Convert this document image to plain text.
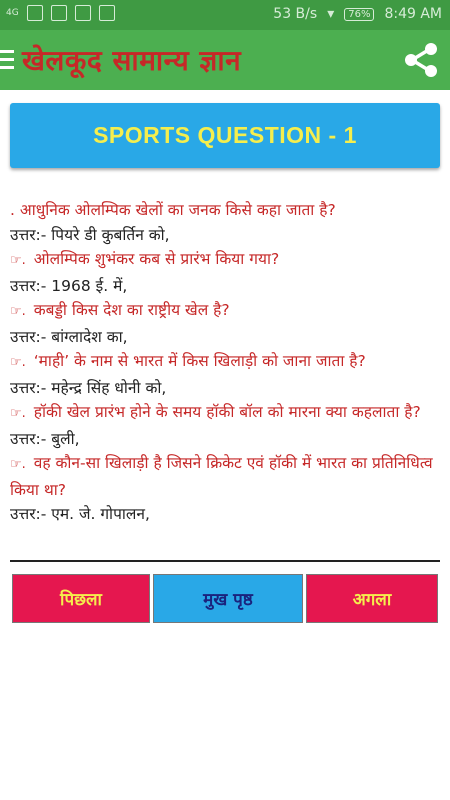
4G	53 B/s ▾	76% 8:49 AM
खेलकूद सामान्य ज्ञान
SPORTS QUESTION - 1
. आधुनिक ओलम्पिक खेलों का जनक किसे कहा जाता है?
उत्तर:- पियरे डी कुबर्तिन को,
☞. ओलम्पिक शुभंकर कब से प्रारंभ किया गया?
उत्तर:- 1968 ई. में,
☞. कबड्डी किस देश का राष्ट्रीय खेल है?
उत्तर:- बांग्लादेश का,
☞. ‘माही’ के नाम से भारत में किस खिलाड़ी को जाना जाता है?
उत्तर:- महेन्द्र सिंह धोनी को,
☞. हॉकी खेल प्रारंभ होने के समय हॉकी बॉल को मारना क्या कहलाता है?
उत्तर:- बुली,
☞. वह कौन-सा खिलाड़ी है जिसने क्रिकेट एवं हॉकी में भारत का प्रतिनिधित्व किया था?
उत्तर:- एम. जे. गोपालन,
पिछला	मुख पृष्ठ	अगला
